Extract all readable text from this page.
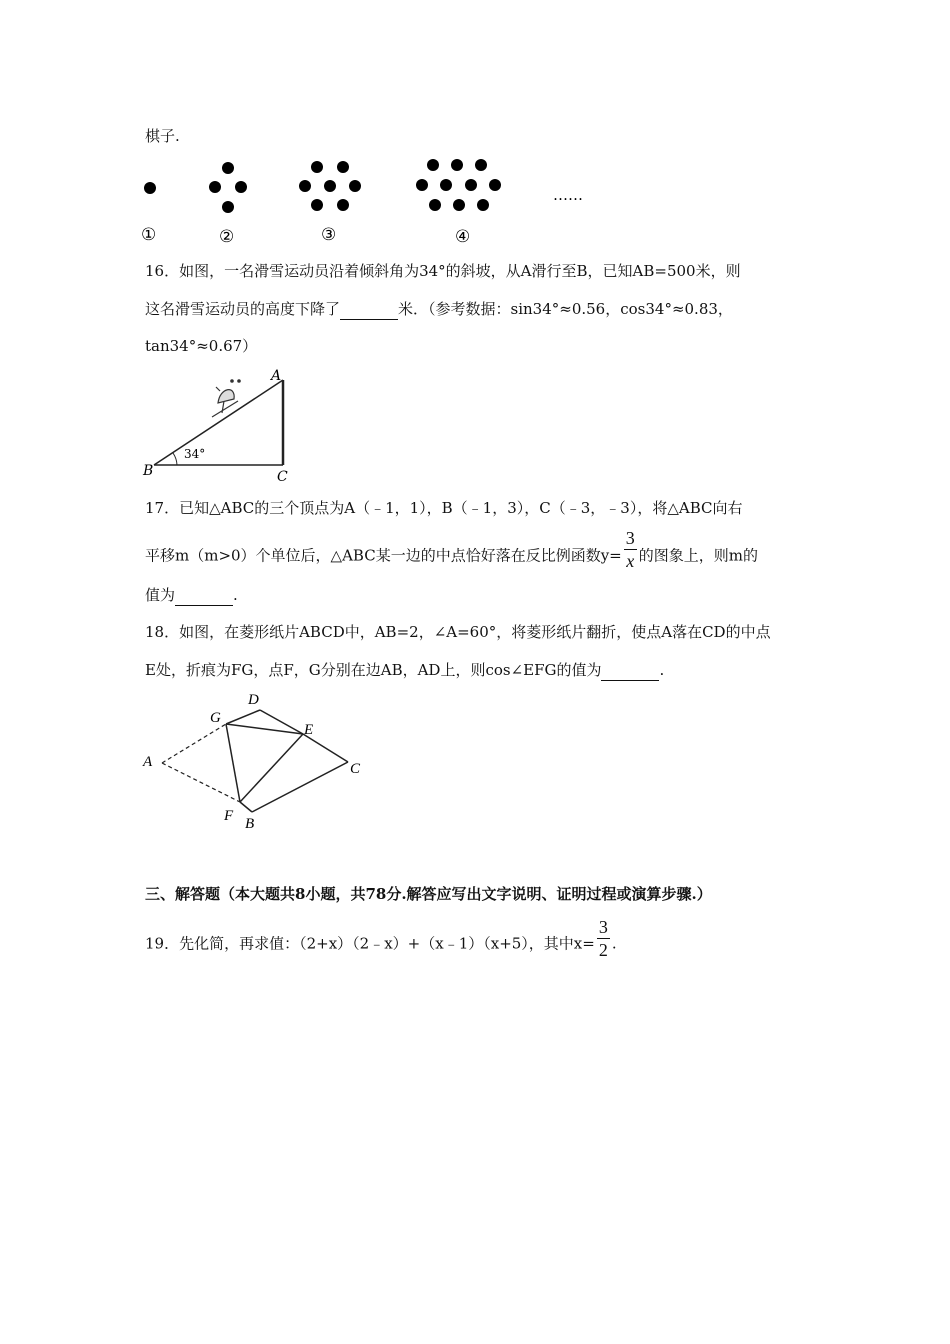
棋子.
……
①	②	③	④
16．如图，一名滑雪运动员沿着倾斜角为34°的斜坡，从A滑行至B，已知AB=500米，则
这名滑雪运动员的高度下降了	米．（参考数据：sin34°≈0.56，cos34°≈0.83，
tan34°≈0.67）
A
B	C
34°
17．已知△ABC的三个顶点为A（﹣1，1），B（﹣1，3），C（﹣3，﹣3），将△ABC向右
平移m（m>0）个单位后，△ABC某一边的中点恰好落在反比例函数$y= \frac{3}{x}$ 的图象上，则m的
值为	.
18．如图，在菱形纸片ABCD中，AB=2，∠A=60°，将菱形纸片翻折，使点A落在CD的中点
E处，折痕为FG，点F，G分别在边AB，AD上，则cos∠EFG的值为	.
D
G
E
A	C
F B
三、解答题（本大题共8小题，共78分.解答应写出文字说明、证明过程或演算步骤.）
19．先化简，再求值：（2+x）（2﹣x）+（x﹣1）（x+5），其中$x= \frac{3}{2}$ .
